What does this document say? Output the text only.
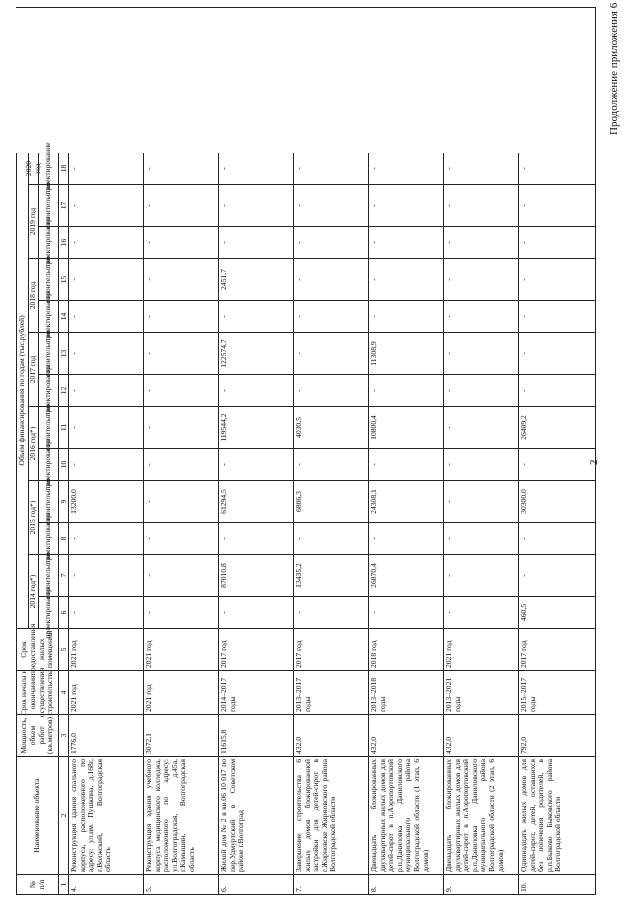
2
Продолжение приложения 6
№ п/п
Наименование объекта
Мощность, объем работ (кв.метров)
Срок начала и окончания осуществления строительства
Срок предоставления жилых помещений
Объем финансирования по годам (тыс.рублей)
2014 год*) проектирование
строительство
2015 год*) проектирование
строительство
2016 год*) проектирование
строительство
2017 год проектирование
строительство
2018 год проектирование
строительство
2019 год проектирование
строительство
2020 год проектирование
1
2
3
4
5
6
7
8
9
10
11
12
13
14
15
16
17
18
4.
Реконструкция здания спального корпуса, расположенного по адресу: ул.им. Пушкина, д.168г, г.Волжский, Волгоградская область
1776,0
2021 год
2021 год
-
-
-
13200,0
-
-
-
-
-
-
-
-
-
5.
Реконструкция здания учебного корпуса медицинского колледжа, расположенного по адресу: ул.Волгоградская, д.45а, г.Камышин, Волгоградская область
3072,1
2021 год
2021 год
-
-
-
-
-
-
-
-
-
-
-
-
-
6.
Жилой дом № 2 в кв.06 10 017 по пер.Удмуртский в Советском районе г.Волгоград
11615,8
2014–2017 годы
2017 год
-
87010,8
-
61294,5
-
119544,2
-
122574,7
-
2451,7
-
-
-
7.
Завершение строительства 6 жилых домов блокированной застройки для детей-сирот в г.Жирновске Жирновского района Волгоградской области
432,0
2013–2017 годы
2017 год
-
13435,2
-
6806,3
-
4030,5
-
-
-
-
-
-
-
8.
Двенадцать блокированных двухквартирных жилых домов для детей-сирот в п.Аэропортовский р.п.Даниловка Даниловского муниципального района Волгоградской области (1 этап, 6 домов)
432,0
2013–2018 годы
2018 год
-
26870,4
-
24308,1
-
10800,4
-
11308,9
-
-
-
-
-
9.
Двенадцать блокированных двухквартирных жилых домов для детей-сирот в п.Аэропортовский р.п.Даниловка Даниловского муниципального района Волгоградской области (2 этап, 6 домов)
432,0
2013–2021 годы
2021 год
-
-
-
-
-
-
-
-
-
-
-
-
-
10.
Одиннадцать жилых домов для детей-сирот, детей, оставшихся без попечения родителей, в р.п.Быково Быковского района Волгоградской области
792,0
2015–2017 годы
2017 год
460,5
-
-
30300,0
-
26409,2
-
-
-
-
-
-
-
